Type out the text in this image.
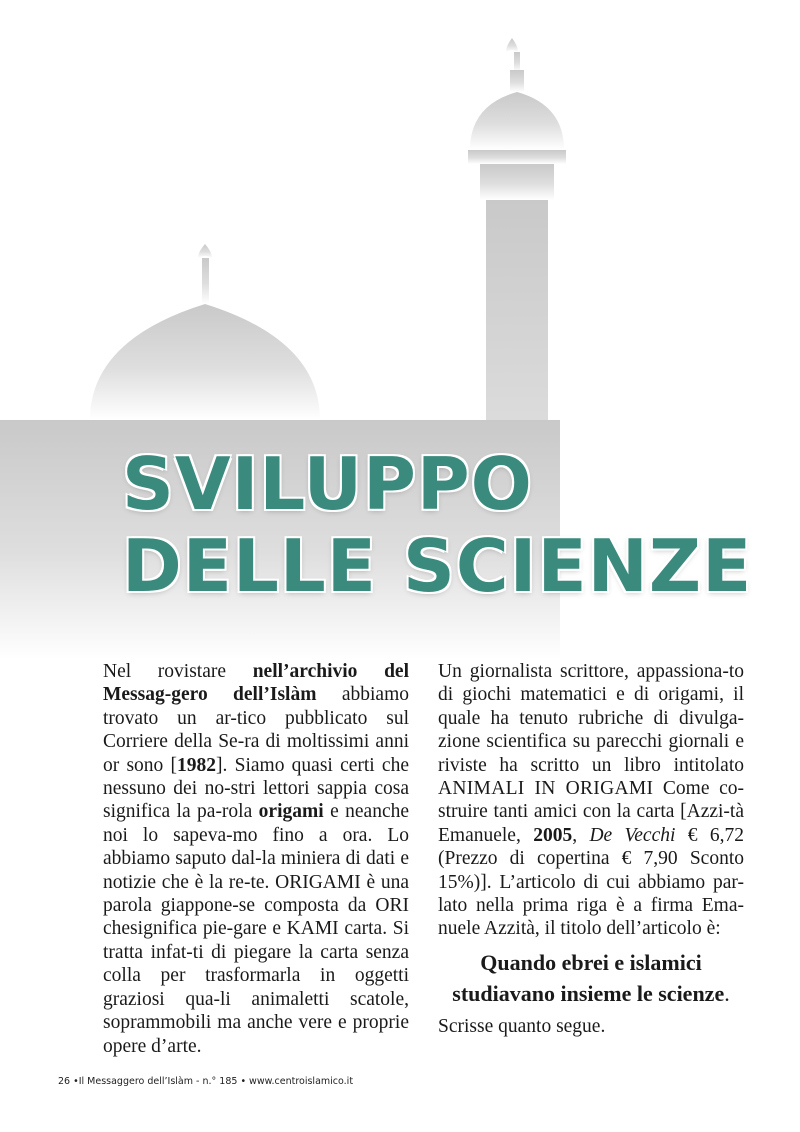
SVILUPPO
DELLE SCIENZE

Nel rovistare nell’archivio del Messag-gero dell’Islàm abbiamo trovato un ar-tico pubblicato sul Corriere della Se-ra di moltissimi anni or sono [1982]. Siamo quasi certi che nessuno dei no-stri lettori sappia cosa significa la pa-rola origami e neanche noi lo sapeva-mo fino a ora. Lo abbiamo saputo dal-la miniera di dati e notizie che è la re-te. ORIGAMI è una parola giappone-se composta da ORI chesignifica pie-gare e KAMI carta. Si tratta infat-ti di piegare la carta senza colla per trasformarla in oggetti graziosi qua-li animaletti scatole, soprammobili ma anche vere e proprie opere d’arte.

Un giornalista scrittore, appassiona-to di giochi matematici e di origami, il quale ha tenuto rubriche di divulga-zione scientifica su parecchi giornali e riviste ha scritto un libro intitolato ANIMALI IN ORIGAMI Come co-struire tanti amici con la carta [Azzi-tà Emanuele, 2005, De Vecchi € 6,72 (Prezzo di copertina € 7,90 Sconto 15%)]. L’articolo di cui abbiamo par-lato nella prima riga è a firma Ema-nuele Azzità, il titolo dell’articolo è:

Quando ebrei e islamici
studiavano insieme le scienze.

Scrisse quanto segue.

26 •Il Messaggero dell’Islàm - n.° 185 • www.centroislamico.it
